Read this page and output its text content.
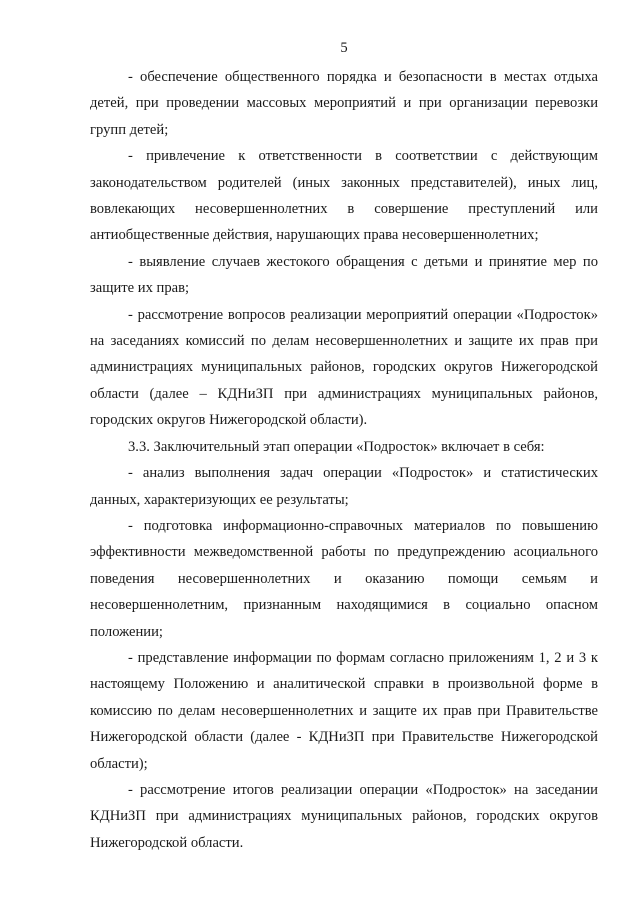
5

- обеспечение общественного порядка и безопасности в местах отдыха детей, при проведении массовых мероприятий и при организации перевозки групп детей;

- привлечение к ответственности в соответствии с действующим законодательством родителей (иных законных представителей), иных лиц, вовлекающих несовершеннолетних в совершение преступлений или антиобщественные действия, нарушающих права несовершеннолетних;

- выявление случаев жестокого обращения с детьми и принятие мер по защите их прав;

- рассмотрение вопросов реализации мероприятий операции «Подросток» на заседаниях комиссий по делам несовершеннолетних и защите их прав при администрациях муниципальных районов, городских округов Нижегородской области (далее – КДНиЗП при администрациях муниципальных районов, городских округов Нижегородской области).

3.3. Заключительный этап операции «Подросток» включает в себя:

- анализ выполнения задач операции «Подросток» и статистических данных, характеризующих ее результаты;

- подготовка информационно-справочных материалов по повышению эффективности межведомственной работы по предупреждению асоциального поведения несовершеннолетних и оказанию помощи семьям и несовершеннолетним, признанным находящимися в социально опасном положении;

- представление информации по формам согласно приложениям 1, 2 и 3 к настоящему Положению и аналитической справки в произвольной форме в комиссию по делам несовершеннолетних и защите их прав при Правительстве Нижегородской области (далее - КДНиЗП при Правительстве Нижегородской области);

- рассмотрение итогов реализации операции «Подросток» на заседании КДНиЗП при администрациях муниципальных районов, городских округов Нижегородской области.
